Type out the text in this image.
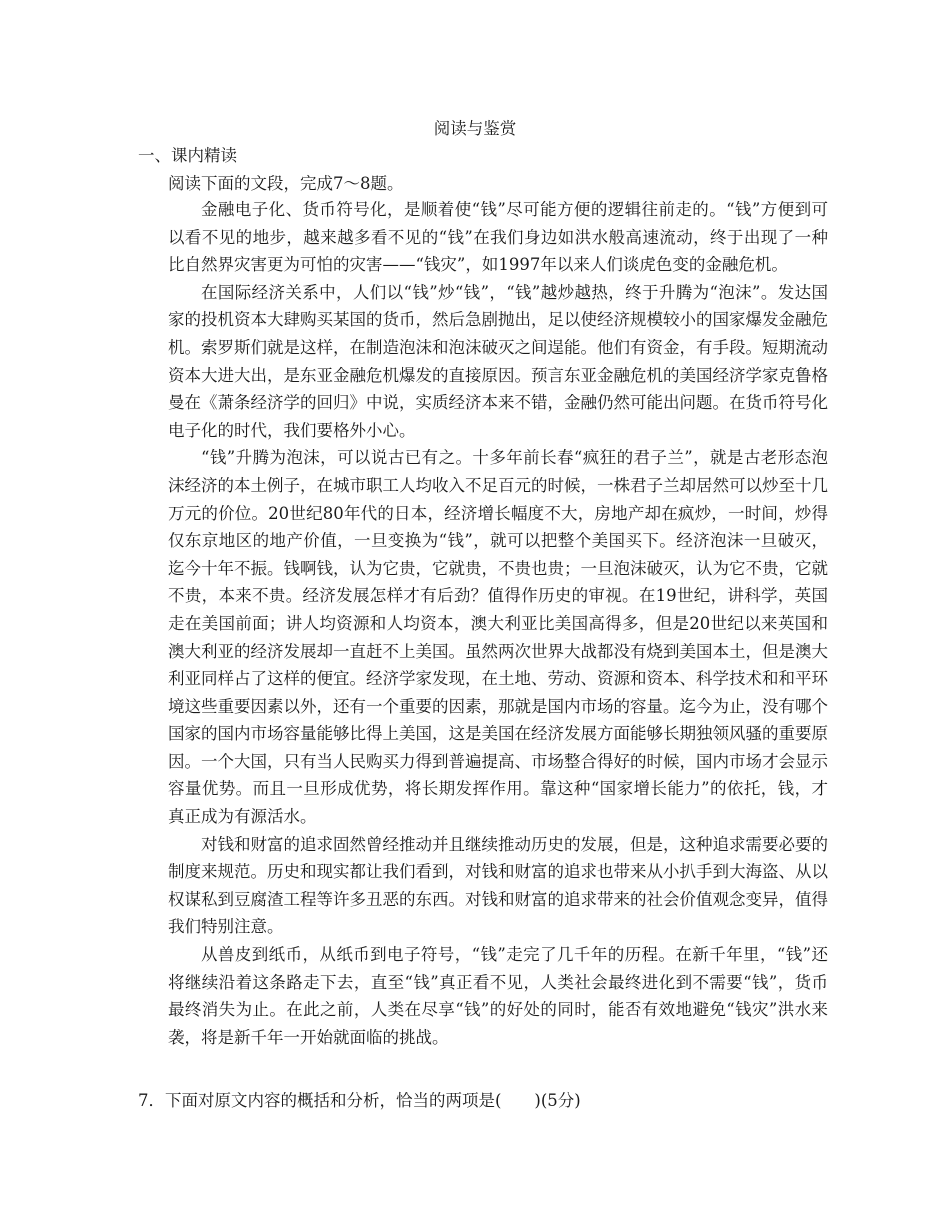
阅读与鉴赏
一、课内精读
阅读下面的文段，完成7～8题。

金融电子化、货币符号化，是顺着使“钱”尽可能方便的逻辑往前走的。“钱”方便到可以看不见的地步，越来越多看不见的“钱”在我们身边如洪水般高速流动，终于出现了一种比自然界灾害更为可怕的灾害——“钱灾”，如1997年以来人们谈虎色变的金融危机。

在国际经济关系中，人们以“钱”炒“钱”，“钱”越炒越热，终于升腾为“泡沫”。发达国家的投机资本大肆购买某国的货币，然后急剧抛出，足以使经济规模较小的国家爆发金融危机。索罗斯们就是这样，在制造泡沫和泡沫破灭之间逞能。他们有资金，有手段。短期流动资本大进大出，是东亚金融危机爆发的直接原因。预言东亚金融危机的美国经济学家克鲁格曼在《萧条经济学的回归》中说，实质经济本来不错，金融仍然可能出问题。在货币符号化电子化的时代，我们要格外小心。

“钱”升腾为泡沫，可以说古已有之。十多年前长春“疯狂的君子兰”，就是古老形态泡沫经济的本土例子，在城市职工人均收入不足百元的时候，一株君子兰却居然可以炒至十几万元的价位。20世纪80年代的日本，经济增长幅度不大，房地产却在疯炒，一时间，炒得仅东京地区的地产价值，一旦变换为“钱”，就可以把整个美国买下。经济泡沫一旦破灭，迄今十年不振。钱啊钱，认为它贵，它就贵，不贵也贵；一旦泡沫破灭，认为它不贵，它就不贵，本来不贵。经济发展怎样才有后劲？值得作历史的审视。在19世纪，讲科学，英国走在美国前面；讲人均资源和人均资本，澳大利亚比美国高得多，但是20世纪以来英国和澳大利亚的经济发展却一直赶不上美国。虽然两次世界大战都没有烧到美国本土，但是澳大利亚同样占了这样的便宜。经济学家发现，在土地、劳动、资源和资本、科学技术和和平环境这些重要因素以外，还有一个重要的因素，那就是国内市场的容量。迄今为止，没有哪个国家的国内市场容量能够比得上美国，这是美国在经济发展方面能够长期独领风骚的重要原因。一个大国，只有当人民购买力得到普遍提高、市场整合得好的时候，国内市场才会显示容量优势。而且一旦形成优势，将长期发挥作用。靠这种“国家增长能力”的依托，钱，才真正成为有源活水。

对钱和财富的追求固然曾经推动并且继续推动历史的发展，但是，这种追求需要必要的制度来规范。历史和现实都让我们看到，对钱和财富的追求也带来从小扒手到大海盗、从以权谋私到豆腐渣工程等许多丑恶的东西。对钱和财富的追求带来的社会价值观念变异，值得我们特别注意。

从兽皮到纸币，从纸币到电子符号，“钱”走完了几千年的历程。在新千年里，“钱”还将继续沿着这条路走下去，直至“钱”真正看不见，人类社会最终进化到不需要“钱”，货币最终消失为止。在此之前，人类在尽享“钱”的好处的同时，能否有效地避免“钱灾”洪水来袭，将是新千年一开始就面临的挑战。

7．下面对原文内容的概括和分析，恰当的两项是(　　)(5分)
